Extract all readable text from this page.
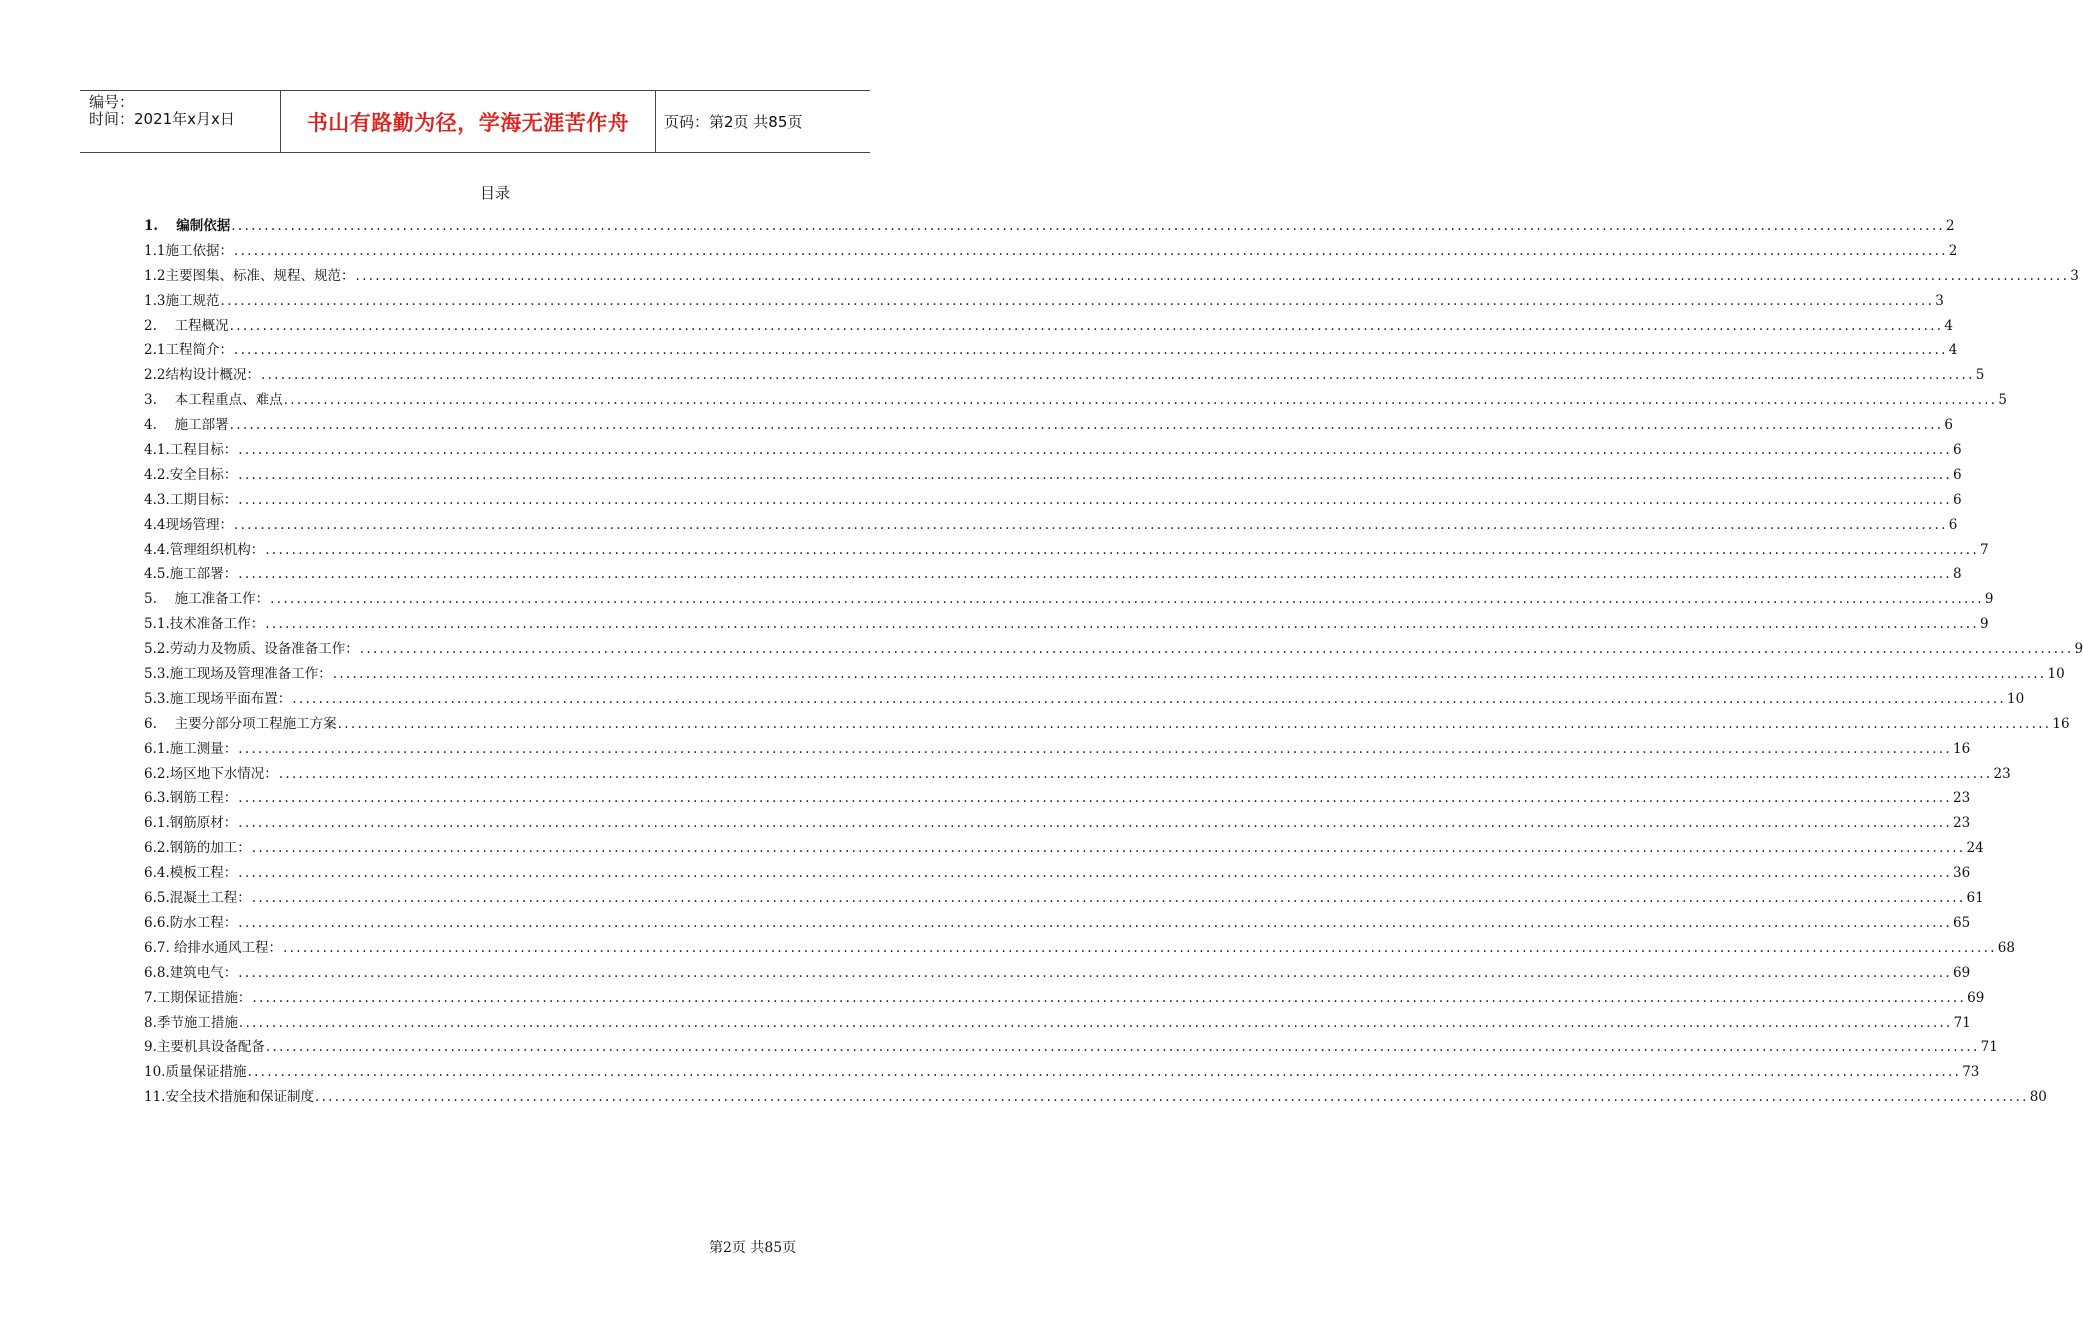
编号：
时间：2021年x月x日	书山有路勤为径，学海无涯苦作舟	页码：第2页 共85页
目录
1.　 编制依据 .................................................................................................................................................................................................................................................................... 2
1.1施工依据： .................................................................................................................................................................................................................................................................... 2
1.2主要图集、标准、规程、规范： .................................................................................................................................................................................................................................................................... 3
1.3施工规范 .................................................................................................................................................................................................................................................................... 3
2.　 工程概况 .................................................................................................................................................................................................................................................................... 4
2.1工程简介： .................................................................................................................................................................................................................................................................... 4
2.2结构设计概况： .................................................................................................................................................................................................................................................................... 5
3.　 本工程重点、难点 .................................................................................................................................................................................................................................................................... 5
4.　 施工部署 .................................................................................................................................................................................................................................................................... 6
4.1.工程目标： .................................................................................................................................................................................................................................................................... 6
4.2.安全目标： .................................................................................................................................................................................................................................................................... 6
4.3.工期目标： .................................................................................................................................................................................................................................................................... 6
4.4现场管理： .................................................................................................................................................................................................................................................................... 6
4.4.管理组织机构： .................................................................................................................................................................................................................................................................... 7
4.5.施工部署： .................................................................................................................................................................................................................................................................... 8
5.　 施工准备工作： .................................................................................................................................................................................................................................................................... 9
5.1.技术准备工作： .................................................................................................................................................................................................................................................................... 9
5.2.劳动力及物质、设备准备工作： .................................................................................................................................................................................................................................................................... 9
5.3.施工现场及管理准备工作： .................................................................................................................................................................................................................................................................... 10
5.3.施工现场平面布置： .................................................................................................................................................................................................................................................................... 10
6.　 主要分部分项工程施工方案 .................................................................................................................................................................................................................................................................... 16
6.1.施工测量： .................................................................................................................................................................................................................................................................... 16
6.2.场区地下水情况： .................................................................................................................................................................................................................................................................... 23
6.3.钢筋工程： .................................................................................................................................................................................................................................................................... 23
6.1.钢筋原材： .................................................................................................................................................................................................................................................................... 23
6.2.钢筋的加工： .................................................................................................................................................................................................................................................................... 24
6.4.模板工程： .................................................................................................................................................................................................................................................................... 36
6.5.混凝土工程： .................................................................................................................................................................................................................................................................... 61
6.6.防水工程： .................................................................................................................................................................................................................................................................... 65
6.7. 给排水通风工程： .................................................................................................................................................................................................................................................................... 68
6.8.建筑电气： .................................................................................................................................................................................................................................................................... 69
7.工期保证措施： .................................................................................................................................................................................................................................................................... 69
8.季节施工措施 .................................................................................................................................................................................................................................................................... 71
9.主要机具设备配备 .................................................................................................................................................................................................................................................................... 71
10.质量保证措施 .................................................................................................................................................................................................................................................................... 73
11.安全技术措施和保证制度 .................................................................................................................................................................................................................................................................... 80
第2页 共85页
